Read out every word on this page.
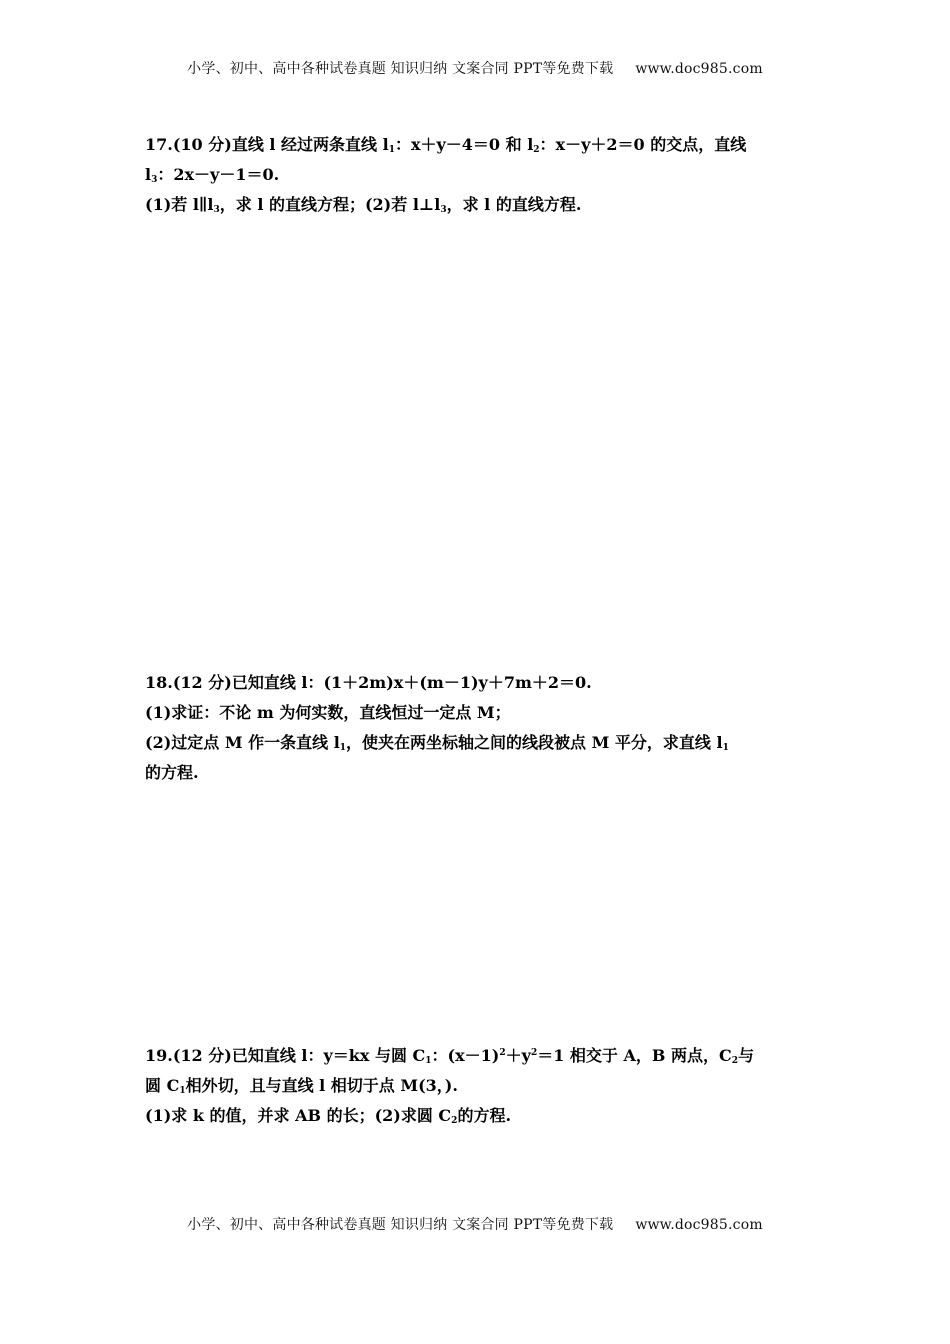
小学、初中、高中各种试卷真题 知识归纳 文案合同 PPT等免费下载 www.doc985.com
17.(10 分)直线 l 经过两条直线 $l_1$：x＋y－4＝0 和 $l_2$：x－y＋2＝0 的交点，直线
$l_3$：2x－y－1＝0.
(1)若 $l\parallel l_3$，求 l 的直线方程；(2)若 $l\perp l_3$，求 l 的直线方程.
18.(12 分)已知直线 l：(1＋2m)x＋(m－1)y＋7m＋2＝0.
(1)求证：不论 m 为何实数，直线恒过一定点 M；
(2)过定点 M 作一条直线 $l_1$，使夹在两坐标轴之间的线段被点 M 平分，求直线 $l_1$
的方程.
19.(12 分)已知直线 l：y＝kx 与圆 $C_1$：$(x-1)^2+y^2=1$ 相交于 A，B 两点，$C_2$与
圆 $C_1$相外切，且与直线 l 相切于点 M(3，).
(1)求 k 的值，并求 AB 的长；(2)求圆 $C_2$的方程.
小学、初中、高中各种试卷真题 知识归纳 文案合同 PPT等免费下载 www.doc985.com
